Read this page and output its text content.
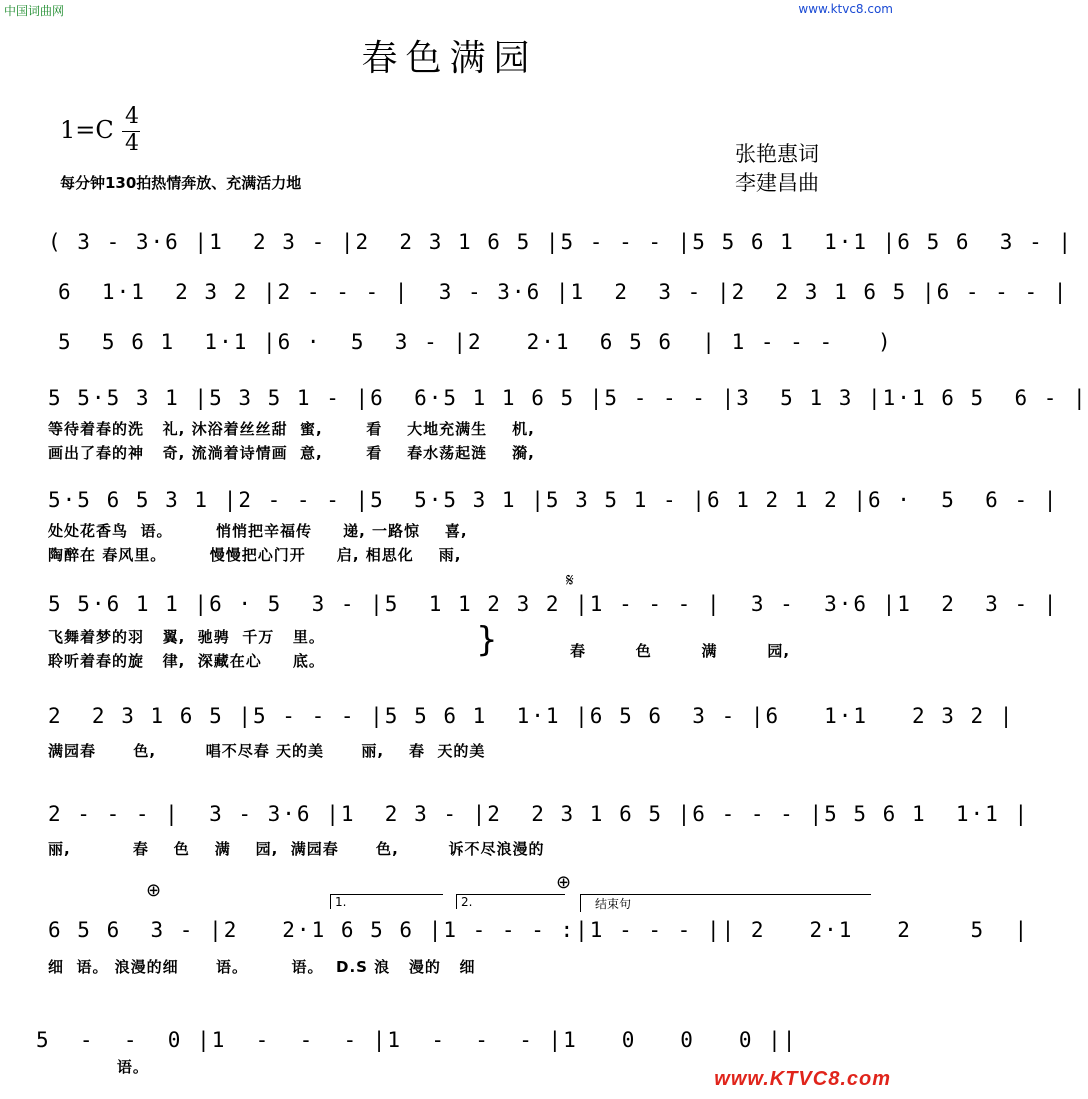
中国词曲网	www.ktvc8.com
春色满园
1=C 4
4
每分钟130拍热情奔放、充满活力地
张艳惠词
李建昌曲
( 3 - 3·6 |1  2 3 - |2  2 3 1 6 5 |5 - - - |5 5 6 1  1·1 |6 5 6  3 - |
6  1·1  2 3 2 |2 - - - |  3 - 3·6 |1  2  3 - |2  2 3 1 6 5 |6 - - - |
5  5 6 1  1·1 |6 ·  5  3 - |2   2·1  6 5 6  | 1 - - -   )
5 5·5 3 1 |5 3 5 1 - |6  6·5 1 1 6 5 |5 - - - |3  5 1 3 |1·1 6 5  6 - |
等待着春的洗   礼, 沐浴着丝丝甜  蜜,       看    大地充满生    机,
画出了春的神   奇, 流淌着诗情画  意,       看    春水荡起涟    漪,
5·5 6 5 3 1 |2 - - - |5  5·5 3 1 |5 3 5 1 - |6 1 2 1 2 |6 ·  5  6 - |
处处花香鸟  语。       悄悄把辛福传     递, 一路惊    喜,
陶醉在 春风里。       慢慢把心门开     启, 相思化    雨,
𝄋
5 5·6 1 1 |6 · 5  3 - |5  1 1 2 3 2 |1 - - - |  3 -  3·6 |1  2  3 - |
飞舞着梦的羽   翼,  驰骋  千万   里。
聆听着春的旋   律,  深藏在心     底。
}	春        色        满        园,
2  2 3 1 6 5 |5 - - - |5 5 6 1  1·1 |6 5 6  3 - |6   1·1   2 3 2 |
满园春      色,        唱不尽春 天的美      丽,    春  天的美
2 - - - |  3 - 3·6 |1  2 3 - |2  2 3 1 6 5 |6 - - - |5 5 6 1  1·1 |
丽,          春    色    满    园,  满园春      色,        诉不尽浪漫的
⊕	⊕
1.	2.	结束句
6 5 6  3 - |2   2·1 6 5 6 |1 - - - :|1 - - - || 2   2·1   2    5  |
细  语。 浪漫的细      语。       语。  D.S 浪   漫的   细
5  -  -  0 |1  -  -  - |1  -  -  - |1   0   0   0 ||
语。
www.KTVC8.com
